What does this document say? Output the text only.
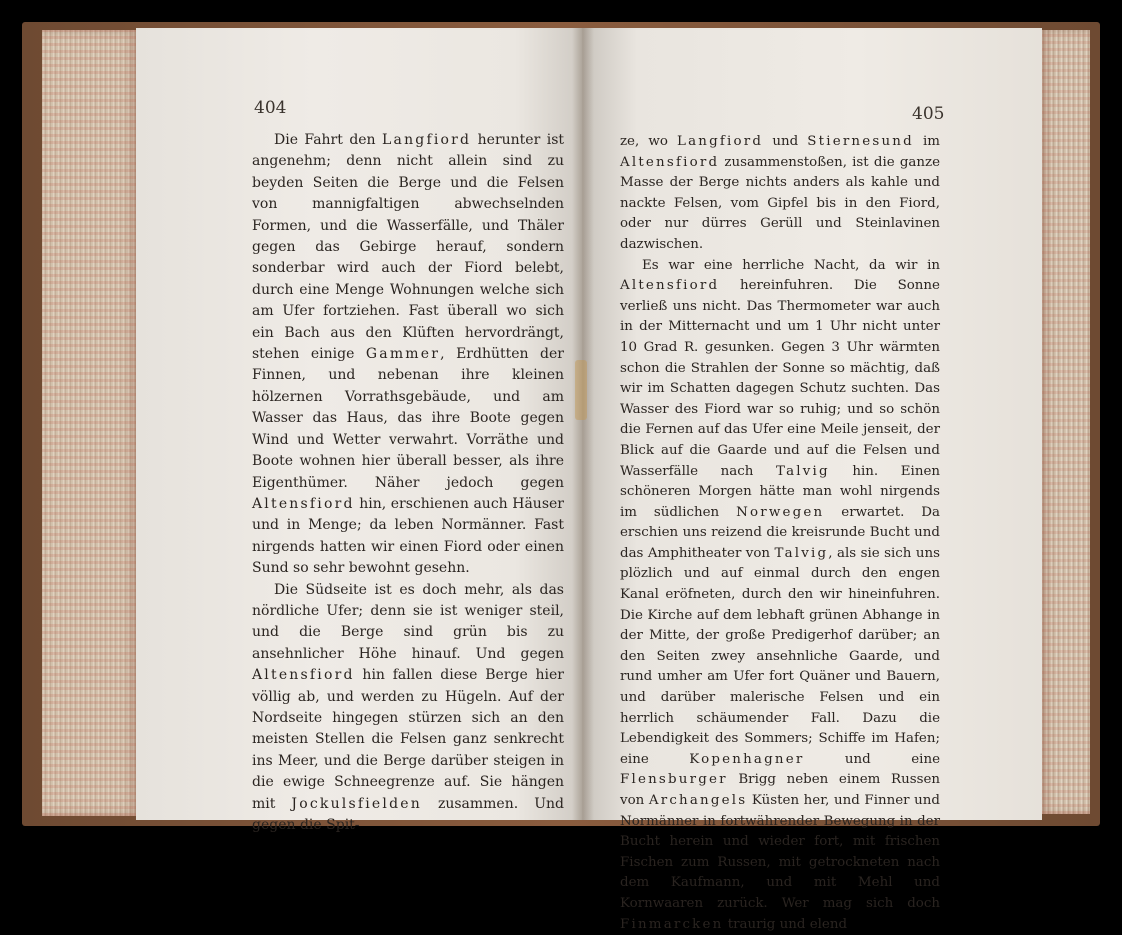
404

Die Fahrt den Langfiord herunter ist angenehm; denn nicht allein sind zu beyden Seiten die Berge und die Felsen von mannigfaltigen abwechselnden Formen, und die Wasserfälle, und Thäler gegen das Gebirge herauf, sondern sonderbar wird auch der Fiord belebt, durch eine Menge Wohnungen welche sich am Ufer fortziehen. Fast überall wo sich ein Bach aus den Klüften hervordrängt, stehen einige Gammer, Erdhütten der Finnen, und nebenan ihre kleinen hölzernen Vorrathsgebäude, und am Wasser das Haus, das ihre Boote gegen Wind und Wetter verwahrt. Vorräthe und Boote wohnen hier überall besser, als ihre Eigenthümer. Näher jedoch gegen Altensfiord hin, erschienen auch Häuser und in Menge; da leben Normänner. Fast nirgends hatten wir einen Fiord oder einen Sund so sehr bewohnt gesehn.

Die Südseite ist es doch mehr, als das nördliche Ufer; denn sie ist weniger steil, und die Berge sind grün bis zu ansehnlicher Höhe hinauf. Und gegen Altensfiord hin fallen diese Berge hier völlig ab, und werden zu Hügeln. Auf der Nordseite hingegen stürzen sich an den meisten Stellen die Felsen ganz senkrecht ins Meer, und die Berge darüber steigen in die ewige Schneegrenze auf. Sie hängen mit Jockulsfielden zusammen. Und gegen die Spit-

405

ze, wo Langfiord und Stiernesund im Altensfiord zusammenstoßen, ist die ganze Masse der Berge nichts anders als kahle und nackte Felsen, vom Gipfel bis in den Fiord, oder nur dürres Gerüll und Steinlavinen dazwischen.

Es war eine herrliche Nacht, da wir in Altensfiord hereinfuhren. Die Sonne verließ uns nicht. Das Thermometer war auch in der Mitternacht und um 1 Uhr nicht unter 10 Grad R. gesunken. Gegen 3 Uhr wärmten schon die Strahlen der Sonne so mächtig, daß wir im Schatten dagegen Schutz suchten. Das Wasser des Fiord war so ruhig; und so schön die Fernen auf das Ufer eine Meile jenseit, der Blick auf die Gaarde und auf die Felsen und Wasserfälle nach Talvig hin. Einen schöneren Morgen hätte man wohl nirgends im südlichen Norwegen erwartet. Da erschien uns reizend die kreisrunde Bucht und das Amphitheater von Talvig, als sie sich uns plözlich und auf einmal durch den engen Kanal eröfneten, durch den wir hineinfuhren. Die Kirche auf dem lebhaft grünen Abhange in der Mitte, der große Predigerhof darüber; an den Seiten zwey ansehnliche Gaarde, und rund umher am Ufer fort Quäner und Bauern, und darüber malerische Felsen und ein herrlich schäumender Fall. Dazu die Lebendigkeit des Sommers; Schiffe im Hafen; eine Kopenhagner und eine Flensburger Brigg neben einem Russen von Archangels Küsten her, und Finner und Normänner in fortwährender Bewegung in der Bucht herein und wieder fort, mit frischen Fischen zum Russen, mit getrockneten nach dem Kaufmann, und mit Mehl und Kornwaaren zurück. Wer mag sich doch Finmarcken traurig und elend
